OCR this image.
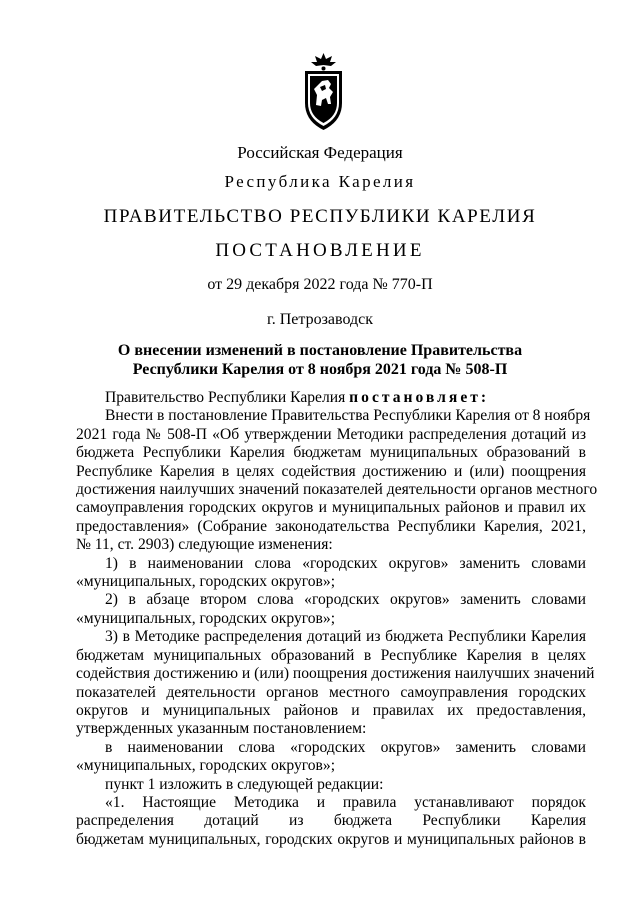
Российская Федерация
Республика Карелия
ПРАВИТЕЛЬСТВО РЕСПУБЛИКИ КАРЕЛИЯ
ПОСТАНОВЛЕНИЕ
от 29 декабря 2022 года № 770-П
г. Петрозаводск
О внесении изменений в постановление Правительства
Республики Карелия от 8 ноября 2021 года № 508-П
Правительство Республики Карелия постановляет:
Внести в постановление Правительства Республики Карелия от 8 ноября
2021 года № 508-П «Об утверждении Методики распределения дотаций из
бюджета Республики Карелия бюджетам муниципальных образований в
Республике Карелия в целях содействия достижению и (или) поощрения
достижения наилучших значений показателей деятельности органов местного
самоуправления городских округов и муниципальных районов и правил их
предоставления» (Собрание законодательства Республики Карелия, 2021,
№ 11, ст. 2903) следующие изменения:
1) в наименовании слова «городских округов» заменить словами
«муниципальных, городских округов»;
2) в абзаце втором слова «городских округов» заменить словами
«муниципальных, городских округов»;
3) в Методике распределения дотаций из бюджета Республики Карелия
бюджетам муниципальных образований в Республике Карелия в целях
содействия достижению и (или) поощрения достижения наилучших значений
показателей деятельности органов местного самоуправления городских
округов и муниципальных районов и правилах их предоставления,
утвержденных указанным постановлением:
в наименовании слова «городских округов» заменить словами
«муниципальных, городских округов»;
пункт 1 изложить в следующей редакции:
«1. Настоящие Методика и правила устанавливают порядок
распределения дотаций из бюджета Республики Карелия
бюджетам муниципальных, городских округов и муниципальных районов в
